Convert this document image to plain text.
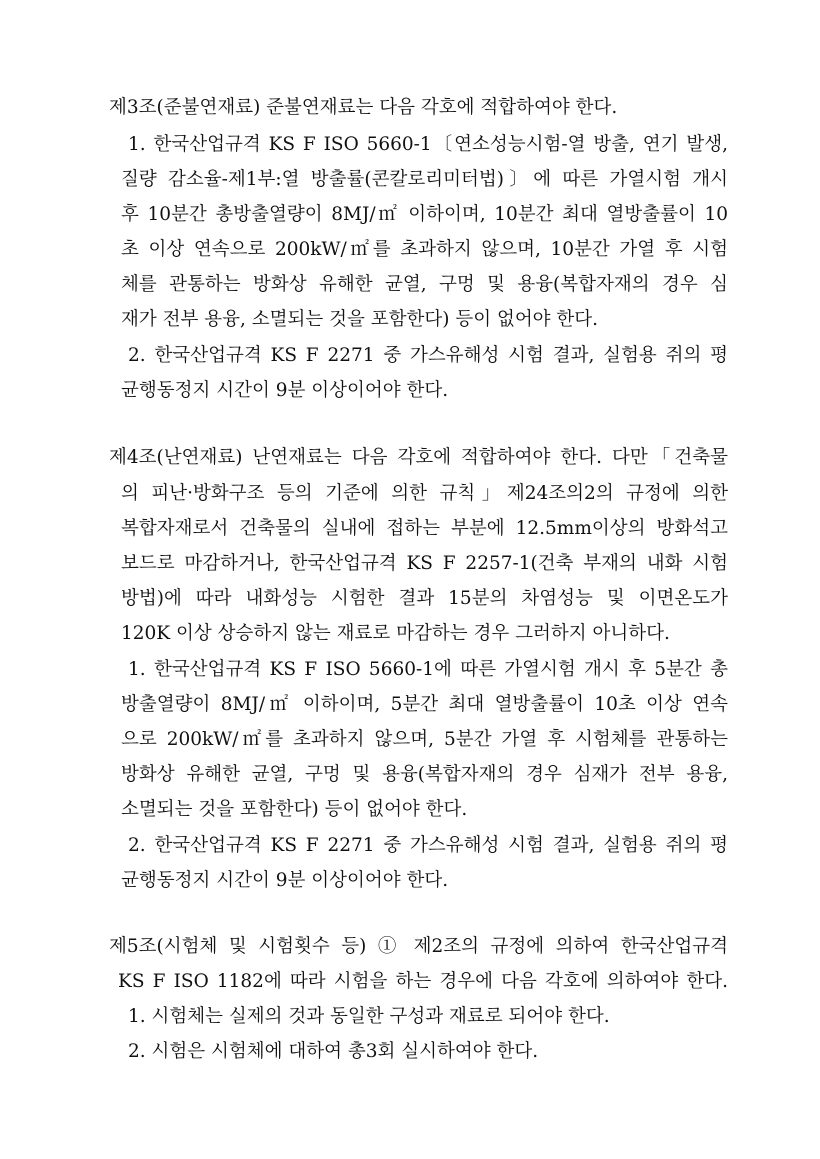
제3조(준불연재료) 준불연재료는 다음 각호에 적합하여야 한다.
1. 한국산업규격 KS F ISO 5660-1〔연소성능시험-열 방출, 연기 발생,
질량 감소율-제1부:열 방출률(콘칼로리미터법)〕에 따른 가열시험 개시
후 10분간 총방출열량이 8MJ/㎡ 이하이며, 10분간 최대 열방출률이 10
초 이상 연속으로 200kW/㎡를 초과하지 않으며, 10분간 가열 후 시험
체를 관통하는 방화상 유해한 균열, 구멍 및 용융(복합자재의 경우 심
재가 전부 용융, 소멸되는 것을 포함한다) 등이 없어야 한다.
2. 한국산업규격 KS F 2271 중 가스유해성 시험 결과, 실험용 쥐의 평
균행동정지 시간이 9분 이상이어야 한다.
제4조(난연재료) 난연재료는 다음 각호에 적합하여야 한다. 다만「건축물
의 피난·방화구조 등의 기준에 의한 규칙」제24조의2의 규정에 의한
복합자재로서 건축물의 실내에 접하는 부분에 12.5mm이상의 방화석고
보드로 마감하거나, 한국산업규격 KS F 2257-1(건축 부재의 내화 시험
방법)에 따라 내화성능 시험한 결과 15분의 차염성능 및 이면온도가
120K 이상 상승하지 않는 재료로 마감하는 경우 그러하지 아니하다.
1. 한국산업규격 KS F ISO 5660-1에 따른 가열시험 개시 후 5분간 총
방출열량이 8MJ/㎡ 이하이며, 5분간 최대 열방출률이 10초 이상 연속
으로 200kW/㎡를 초과하지 않으며, 5분간 가열 후 시험체를 관통하는
방화상 유해한 균열, 구멍 및 용융(복합자재의 경우 심재가 전부 용융,
소멸되는 것을 포함한다) 등이 없어야 한다.
2. 한국산업규격 KS F 2271 중 가스유해성 시험 결과, 실험용 쥐의 평
균행동정지 시간이 9분 이상이어야 한다.
제5조(시험체 및 시험횟수 등) ① 제2조의 규정에 의하여 한국산업규격
KS F ISO 1182에 따라 시험을 하는 경우에 다음 각호에 의하여야 한다.
1. 시험체는 실제의 것과 동일한 구성과 재료로 되어야 한다.
2. 시험은 시험체에 대하여 총3회 실시하여야 한다.
